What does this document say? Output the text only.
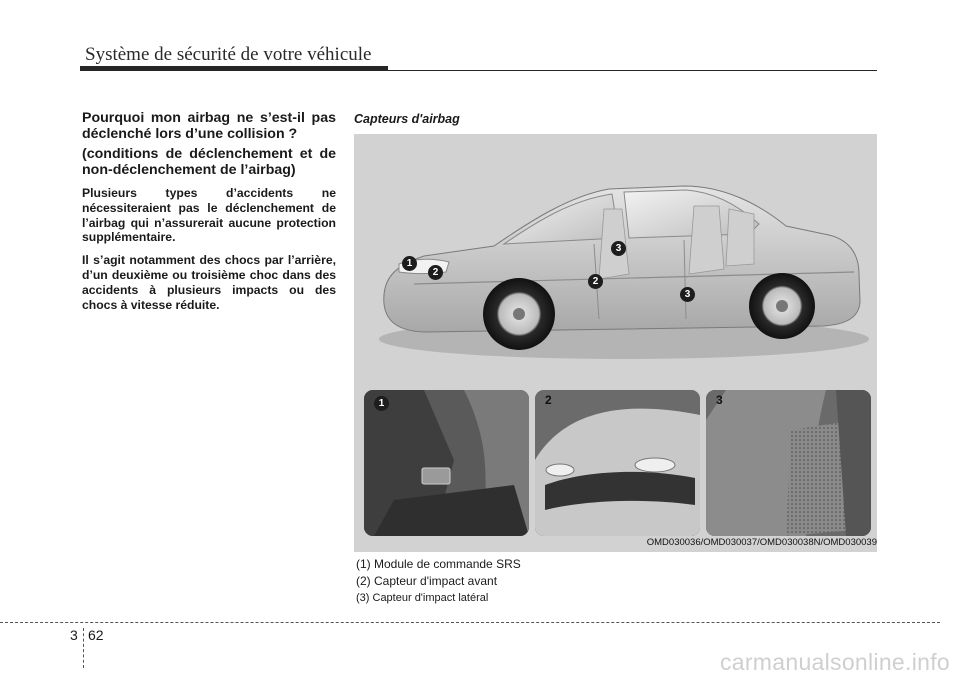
Système de sécurité de votre véhicule

Pourquoi mon airbag ne s’est-il pas déclenché lors d’une collision ?

(conditions de déclenchement et de non-déclenchement de l’airbag)

Plusieurs types d’accidents ne nécessiteraient pas le déclenchement de l’airbag qui n’assurerait aucune protection supplémentaire.

Il s’agit notamment des chocs par l’arrière, d’un deuxième ou troisième choc dans des accidents à plusieurs impacts ou des chocs à vitesse réduite.

Capteurs d'airbag
1
2
2
3
3
1	2	3
OMD030036/OMD030037/OMD030038N/OMD030039
(1) Module de commande SRS
(2) Capteur d'impact avant
(3) Capteur d'impact latéral
3 62
carmanualsonline.info
